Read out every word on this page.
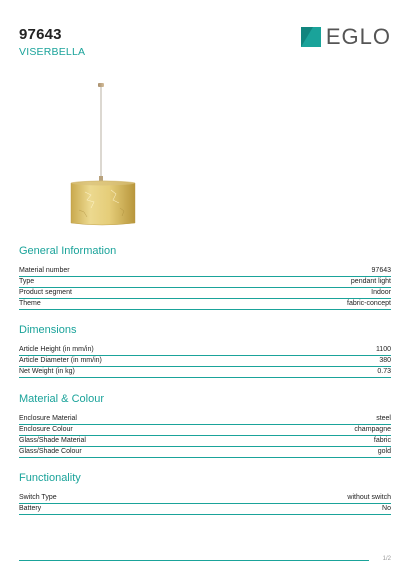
97643
VISERBELLA
EGLO
General Information
Material number	97643
Type	pendant light
Product segment	Indoor
Theme	fabric-concept
Dimensions
Article Height (in mm/in)	1100
Article Diameter (in mm/in)	380
Net Weight (in kg)	0.73
Material & Colour
Enclosure Material	steel
Enclosure Colour	champagne
Glass/Shade Material	fabric
Glass/Shade Colour	gold
Functionality
Switch Type	without switch
Battery	No
1/2
